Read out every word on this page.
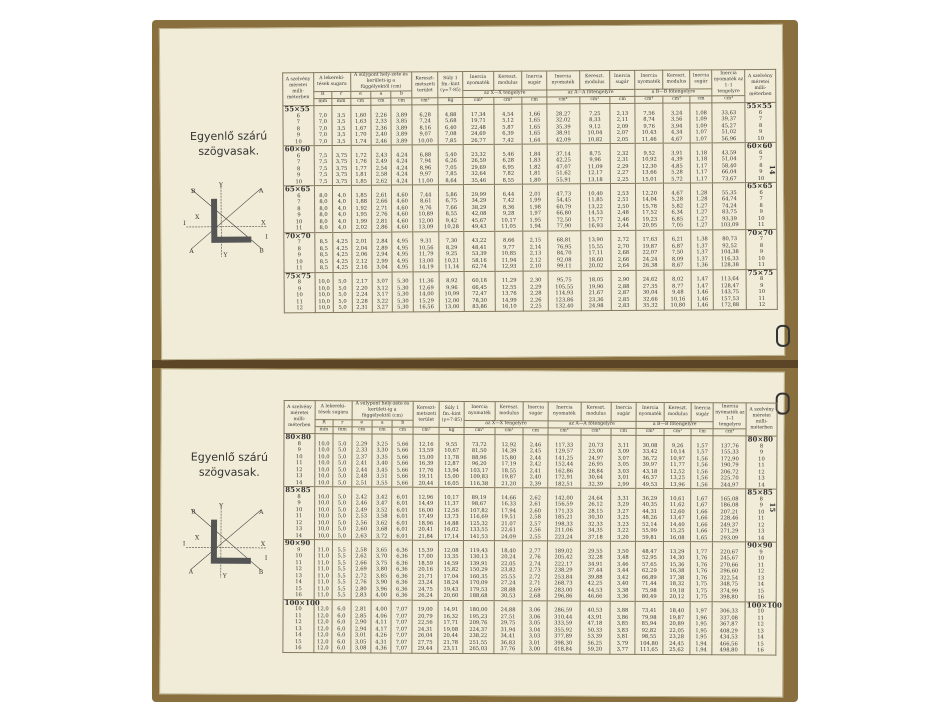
14
Egyenlő szárú
szögvasak.
I
Y
A
B
X
X
A	B
Y
I
A szelvény méretei milli-méterben	A lekerekí-tések sugara		A súlypont hely-zete és kerületi-ig a függélyektől (cm)			Kereszt-metszeti terület	Súly 1 fm.-kint (γ=7·85)	Inercia nyomaték	Kereszt. modulus	Inercia sugár	Inercia nyomaték	Kereszt. modulus	Inercia sugár	Inercia nyomaték	Kereszt. modulus	Inercia sugár	Inercia nyomaték az 1–1 tengelyre	A szelvény méretei milli-méterben
	R	r	e	a	b			az X—X tengelyre			az A—A főtengelyre			a B—B főtengelyre				
	mm	mm	cm	cm	cm	cm²	kg	cm⁴	cm³	cm	cm⁴	cm³	cm	cm⁴	cm³	cm	cm⁴	
55×55																		55×55
6	7,0	3,5	1,60	2,26	3,89	6,28	4,88	17,34	4,54	1,66	28,27	7,25	2,13	7,56	3,24	1,08	33,63	6
7	7,0	3,5	1,63	2,33	3,85	7,24	5,68	19,71	5,12	1,65	32,02	8,33	2,11	8,74	3,56	1,09	39,37	7
8	7,0	3,5	1,67	2,36	3,89	8,16	6,40	22,48	5,87	1,65	35,39	9,12	2,09	9,76	3,94	1,09	45,27	8
9	7,0	3,5	1,70	2,40	3,89	9,07	7,08	24,69	6,39	1,65	38,91	10,04	2,07	10,43	4,34	1,07	51,02	9
10	7,0	3,5	1,74	2,46	3,89	10,00	7,85	26,77	7,42	1,64	42,09	10,82	2,05	11,46	4,67	1,07	56,96	10
60×60																		60×60
6	7,5	3,75	1,72	2,43	4,24	6,88	5,40	23,32	5,46	1,84	37,14	8,75	2,32	9,52	3,91	1,18	43,59	6
7	7,5	3,75	1,76	2,49	4,24	7,94	6,26	26,59	6,28	1,83	42,25	9,96	2,31	10,92	4,39	1,18	51,04	7
8	7,5	3,75	1,77	2,54	4,24	8,96	7,05	29,69	6,95	1,82	47,07	11,09	2,29	12,30	4,85	1,17	58,40	8
9	7,5	3,75	1,81	2,58	4,24	9,97	7,85	32,64	7,82	1,81	51,62	12,17	2,27	13,66	5,28	1,17	66,04	9
10	7,5	3,75	1,85	2,62	4,24	11,00	8,64	35,46	8,55	1,80	55,91	13,18	2,25	15,01	5,72	1,17	73,67	10
65×65																		65×65
6	8,0	4,0	1,85	2,61	4,60	7,44	5,86	29,99	6,44	2,01	47,73	10,40	2,53	12,20	4,67	1,28	55,35	6
7	8,0	4,0	1,88	2,66	4,60	8,61	6,75	34,29	7,42	1,99	54,45	11,85	2,51	14,04	5,28	1,28	64,74	7
8	8,0	4,0	1,92	2,71	4,60	9,76	7,66	38,29	8,36	1,98	60,79	13,22	2,50	15,78	5,82	1,27	74,24	8
9	8,0	4,0	1,95	2,76	4,60	10,89	8,55	42,08	9,28	1,97	66,80	14,53	2,48	17,52	6,34	1,27	83,75	9
10	8,0	4,0	1,99	2,81	4,60	12,00	9,42	45,67	10,17	1,95	72,50	15,77	2,46	19,23	6,85	1,27	93,39	10
11	8,0	4,0	2,02	2,86	4,60	13,09	10,28	49,43	11,05	1,94	77,90	16,93	2,44	20,95	7,05	1,27	103,09	11
70×70																		70×70
7	8,5	4,25	2,01	2,84	4,95	9,31	7,30	43,22	8,66	2,15	68,81	13,90	2,72	17,63	6,21	1,38	80,73	7
8	8,5	4,25	2,04	2,89	4,95	10,56	8,29	48,41	9,77	2,14	76,95	15,55	2,70	19,87	6,87	1,37	92,52	8
9	8,5	4,25	2,06	2,94	4,95	11,79	9,25	53,39	10,85	2,13	84,70	17,11	2,68	22,07	7,50	1,37	104,38	9
10	8,5	4,25	2,12	2,99	4,95	13,00	10,21	58,16	11,94	2,12	92,08	18,60	2,66	24,24	8,09	1,37	116,33	10
11	8,5	4,25	2,16	3,04	4,95	14,19	11,14	62,74	12,93	2,10	99,11	20,02	2,64	26,38	8,67	1,36	128,38	11
75×75																		75×75
8	10,0	5,0	2,17	3,07	5,30	11,36	8,92	60,18	11,29	2,30	95,75	18,05	2,90	24,62	8,02	1,47	113,64	8
9	10,0	5,0	2,20	3,12	5,30	12,69	9,96	66,45	12,55	2,29	105,55	19,90	2,88	27,35	8,77	1,47	128,47	9
10	10,0	5,0	2,24	3,17	5,30	14,00	10,99	72,47	13,76	2,28	114,93	21,67	2,87	30,04	9,48	1,46	143,75	10
11	10,0	5,0	2,28	3,22	5,30	15,29	12,00	78,30	14,99	2,26	123,86	23,36	2,85	32,66	10,16	1,46	157,53	11
12	10,0	5,0	2,31	3,27	5,30	16,56	13,00	83,86	16,10	2,25	132,40	24,98	2,83	35,32	10,80	1,46	172,88	12
15
Egyenlő szárú
szögvasak.
I
Y
A
B
X
X
A	B
Y
I
A szelvény méretei milli-méterben	A lekerekí-tések sugara		A súlypont hely-zete és kerületi-ig a függélyektől (cm)			Kereszt-metszeti terület	Súly 1 fm.-kint (γ=7·85)	Inercia nyomaték	Kereszt. modulus	Inercia sugár	Inercia nyomaték	Kereszt. modulus	Inercia sugár	Inercia nyomaték	Kereszt. modulus	Inercia sugár	Inercia nyomaték az 1–1 tengelyre	A szelvény méretei milli-méterben
	R	r	e	a	b			az X—X tengelyre			az A—A főtengelyre			a B—B főtengelyre				
	mm	mm	cm	cm	cm	cm²	kg	cm⁴	cm³	cm	cm⁴	cm³	cm	cm⁴	cm³	cm	cm⁴	
80×80																		80×80
8	10,0	5,0	2,29	3,25	5,66	12,16	9,55	73,72	12,92	2,46	117,33	20,73	3,11	30,08	9,26	1,57	137,76	8
9	10,0	5,0	2,33	3,30	5,66	13,59	10,67	81,50	14,39	2,45	129,57	23,00	3,09	33,42	10,14	1,57	155,33	9
10	10,0	5,0	2,37	3,35	5,66	15,00	11,78	88,96	15,80	2,44	141,25	24,97	3,07	36,72	10,97	1,56	172,90	10
11	10,0	5,0	2,41	3,40	5,66	16,39	12,87	96,20	17,19	2,42	152,44	26,95	3,05	39,97	11,77	1,56	190,79	11
12	10,0	5,0	2,44	3,45	5,66	17,76	13,94	103,17	18,55	2,41	162,86	28,84	3,03	43,18	12,52	1,56	206,72	12
13	10,0	5,0	2,48	3,51	5,66	19,11	15,00	109,83	19,87	2,40	172,91	30,64	3,01	46,37	13,25	1,56	225,70	13
14	10,0	5,0	2,51	3,55	5,66	20,44	16,05	116,38	21,20	2,39	182,51	32,39	2,99	49,53	13,96	1,56	244,97	14
85×85																		85×85
8	10,0	5,0	2,42	3,42	6,01	12,96	10,17	89,19	14,66	2,62	142,00	24,64	3,31	36,29	10,61	1,67	165,08	8
9	10,0	5,0	2,46	3,47	6,01	14,49	11,37	98,67	16,33	2,61	156,59	26,12	3,29	40,35	11,62	1,67	186,08	9
10	10,0	5,0	2,49	3,52	6,01	16,00	12,56	107,82	17,94	2,60	171,33	28,15	3,27	44,31	12,60	1,66	207,21	10
11	10,0	5,0	2,53	3,58	6,01	17,49	13,73	116,69	19,51	2,58	185,21	30,30	3,25	48,26	13,47	1,66	228,46	11
12	10,0	5,0	2,56	3,62	6,01	18,96	14,88	125,32	21,07	2,57	198,33	32,33	3,23	52,14	14,40	1,66	249,37	12
13	10,0	5,0	2,60	3,68	6,01	20,41	16,02	133,55	22,61	2,56	211,06	34,35	3,22	55,99	15,25	1,66	271,29	13
14	10,0	5,0	2,63	3,72	6,01	21,84	17,14	141,53	24,09	2,55	223,24	37,18	3,20	59,81	16,08	1,65	293,09	14
90×90																		90×90
9	11,0	5,5	2,58	3,65	6,36	15,39	12,08	119,43	18,40	2,77	189,02	29,55	3,50	48,47	13,29	1,77	220,67	9
10	11,0	5,5	2,62	3,70	6,36	17,00	13,35	130,13	20,24	2,76	205,42	32,28	3,48	52,95	14,30	1,76	245,67	10
11	11,0	5,5	2,66	3,75	6,36	18,59	14,59	139,91	22,05	2,74	222,17	34,91	3,46	57,65	15,36	1,76	270,66	11
12	11,0	5,5	2,69	3,80	6,36	20,16	15,82	150,29	23,82	2,73	238,29	37,44	3,44	62,29	16,38	1,76	296,60	12
13	11,0	5,5	2,72	3,85	6,36	21,71	17,04	160,35	25,55	2,72	253,84	39,88	3,42	66,89	17,38	1,76	322,54	13
14	11,0	5,5	2,76	3,90	6,36	23,24	18,24	170,09	27,24	2,71	268,73	42,25	3,40	71,44	18,32	1,75	348,75	14
15	11,0	5,5	2,80	3,96	6,36	24,75	19,43	179,53	28,88	2,69	283,00	44,53	3,38	75,98	19,18	1,75	374,99	15
16	11,0	5,5	2,83	4,00	6,36	26,24	20,60	188,68	30,53	2,68	296,86	46,66	3,36	80,49	20,12	1,75	398,80	16
100×100																		100×100
10	12,0	6,0	2,81	4,00	7,07	19,00	14,91	180,00	24,88	3,06	286,59	40,53	3,88	73,41	18,40	1,97	306,33	10
11	12,0	6,0	2,85	4,06	7,07	20,79	16,32	195,23	27,51	3,06	310,44	43,91	3,86	79,98	19,87	1,96	337,08	11
12	12,0	6,0	2,90	4,11	7,07	22,56	17,71	209,76	29,75	3,05	333,59	47,18	3,85	85,94	20,89	1,95	367,87	12
13	12,0	6,0	2,94	4,17	7,07	24,31	19,08	224,37	31,94	3,04	355,92	50,33	3,83	92,82	22,05	1,95	408,29	13
14	12,0	6,0	3,01	4,26	7,07	26,04	20,44	238,22	34,41	3,03	377,89	53,39	3,81	98,55	23,28	1,95	434,53	14
15	12,0	6,0	3,05	4,31	7,07	27,75	21,78	251,55	36,83	3,01	398,30	56,25	3,79	104,80	24,45	1,94	466,56	15
16	12,0	6,0	3,08	4,36	7,07	29,44	23,11	265,03	37,76	3,00	418,84	59,20	3,77	111,65	25,62	1,94	498,80	16
